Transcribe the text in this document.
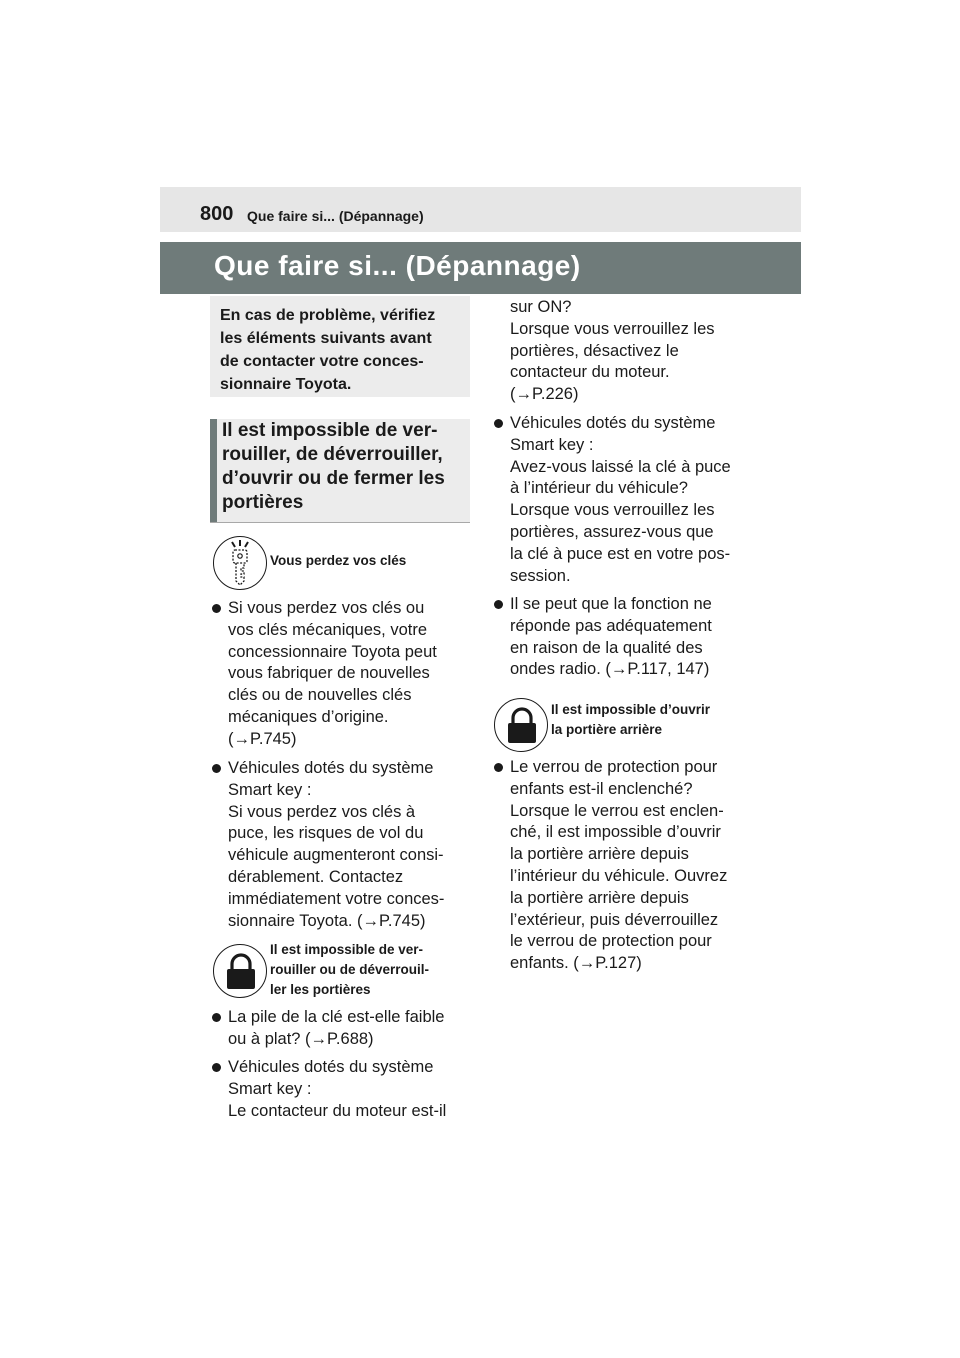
800 Que faire si... (Dépannage)
Que faire si... (Dépannage)
En cas de problème, vérifiez
les éléments suivants avant
de contacter votre conces-
sionnaire Toyota.
Il est impossible de ver-
rouiller, de déverrouiller,
d’ouvrir ou de fermer les
portières
Vous perdez vos clés
Si vous perdez vos clés ou
vos clés mécaniques, votre
concessionnaire Toyota peut
vous fabriquer de nouvelles
clés ou de nouvelles clés
mécaniques d’origine.
(→P.745)
Véhicules dotés du système
Smart key :
Si vous perdez vos clés à
puce, les risques de vol du
véhicule augmenteront consi-
dérablement. Contactez
immédiatement votre conces-
sionnaire Toyota. (→P.745)
Il est impossible de ver-
rouiller ou de déverrouil-
ler les portières
La pile de la clé est-elle faible
ou à plat? (→P.688)
Véhicules dotés du système
Smart key :
Le contacteur du moteur est-il
sur ON?
Lorsque vous verrouillez les
portières, désactivez le
contacteur du moteur.
(→P.226)
Véhicules dotés du système
Smart key :
Avez-vous laissé la clé à puce
à l’intérieur du véhicule?
Lorsque vous verrouillez les
portières, assurez-vous que
la clé à puce est en votre pos-
session.
Il se peut que la fonction ne
réponde pas adéquatement
en raison de la qualité des
ondes radio. (→P.117, 147)
Il est impossible d’ouvrir
la portière arrière
Le verrou de protection pour
enfants est-il enclenché?
Lorsque le verrou est enclen-
ché, il est impossible d’ouvrir
la portière arrière depuis
l’intérieur du véhicule. Ouvrez
la portière arrière depuis
l’extérieur, puis déverrouillez
le verrou de protection pour
enfants. (→P.127)
